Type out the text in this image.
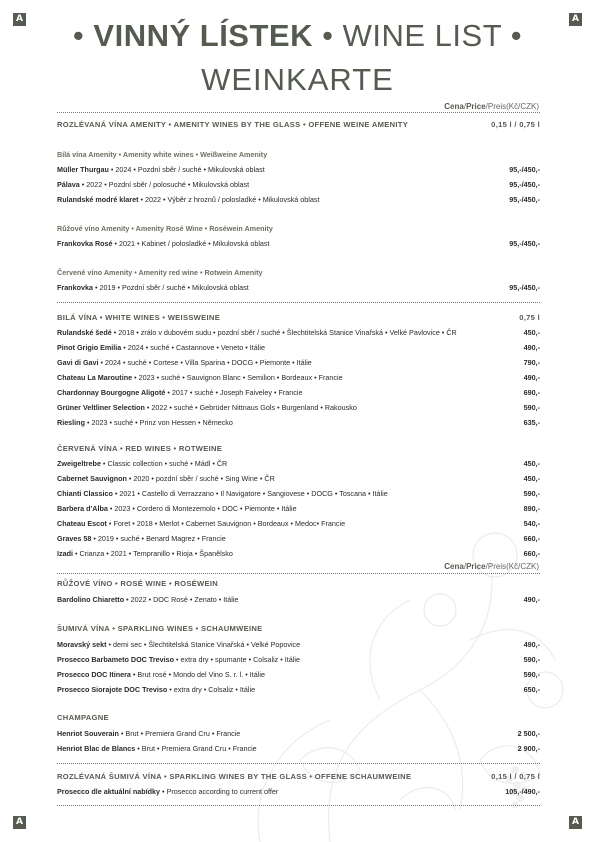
A	A
A	A
• VINNÝ LÍSTEK • WINE LIST •
WEINKARTE
Cena/Price/Preis(Kč/CZK)
ROZLÉVANÁ VÍNA AMENITY • AMENITY WINES BY THE GLASS • OFFENE WEINE AMENITY	0,15 l / 0,75 l
Bílá vína Amenity • Amenity white wines • Weißweine Amenity
Müller Thurgau • 2024 • Pozdní sběr / suché • Mikulovská oblast	95,-/450,-
Pálava • 2022 • Pozdní sběr / polosuché • Mikulovská oblast	95,-/450,-
Rulandské modré klaret • 2022 • Výběr z hroznů / polosladké • Mikulovská oblast	95,-/450,-
Růžové víno Amenity • Amenity Rosé Wine • Roséwein Amenity
Frankovka Rosé • 2021 • Kabinet / polosladké • Mikulovská oblast	95,-/450,-
Červené víno Amenity • Amenity red wine • Rotwein Amenity
Frankovka • 2019 • Pozdní sběr / suché • Mikulovská oblast	95,-/450,-
BILÁ VÍNA • WHITE WINES • WEISSWEINE	0,75 l
Rulandské šedé • 2018 • zrálo v dubovém sudu • pozdní sběr / suché • Šlechtitelská Stanice Vinařská • Velké Pavlovice • ČR	450,-
Pinot Grigio Emilia • 2024 • suché • Castannove • Veneto • Itálie	490,-
Gavi di Gavi • 2024 • suché • Cortese • Villa Sparina • DOCG • Piemonte • Itálie	790,-
Chateau La Maroutine • 2023 • suché • Sauvignon Blanc • Semilion • Bordeaux • Francie	490,-
Chardonnay Bourgogne Aligoté • 2017 • suché • Joseph Faiveley • Francie	690,-
Grüner Veltliner Selection • 2022 • suché • Gebrüder Nittnaus Gols • Burgenland • Rakousko	590,-
Riesling • 2023 • suché • Prinz von Hessen • Německo	635,-
ČERVENÁ VÍNA • RED WINES • ROTWEINE
Zweigeltrebe • Classic collection • suché • Mádl • ČR	450,-
Cabernet Sauvignon • 2020 • pozdní sběr / suché • Sing Wine • ČR	450,-
Chianti Classico • 2021 • Castello di Verrazzano • Il Navigatore • Sangiovese • DOCG • Toscana • Itálie	590,-
Barbera d'Alba • 2023 • Cordero di Montezemolo • DOC • Piemonte • Itálie	890,-
Chateau Escot • Foret • 2018 • Merlot • Cabernet Sauvignon • Bordeaux • Medoc• Francie	540,-
Graves 58 • 2019 • suché • Benard Magrez • Francie	660,-
Izadi • Crianza • 2021 • Tempranillo • Rioja • Španělsko	660,-
Cena/Price/Preis(Kč/CZK)
RŮŽOVÉ VÍNO • ROSÉ WINE • ROSÉWEIN
Bardolino Chiaretto • 2022 • DOC Rosé • Zenato • Itálie	490,-
ŠUMIVÁ VÍNA • SPARKLING WINES • SCHAUMWEINE
Moravský sekt • demi sec • Šlechtitelská Stanice Vinařská • Velké Popovice	490,-
Prosecco Barbameto DOC Treviso • extra dry • spumante • Colsaliz • Itálie	590,-
Prosecco DOC Itinera • Brut rosé • Mondo del Vino S. r. l. • Itálie	590,-
Prosecco Siorajote DOC Treviso • extra dry • Colsaliz • Itálie	650,-
CHAMPAGNE
Henriot Souverain • Brut • Premiera Grand Cru • Francie	2 500,-
Henriot Blac de Blancs • Brut • Premiera Grand Cru • Francie	2 900,-
ROZLÉVANÁ ŠUMIVÁ VÍNA • SPARKLING WINES BY THE GLASS • OFFENE SCHAUMWEINE	0,15 l / 0,75 l
Prosecco dle aktuální nabídky • Prosecco according to current offer	105,-/490,-
